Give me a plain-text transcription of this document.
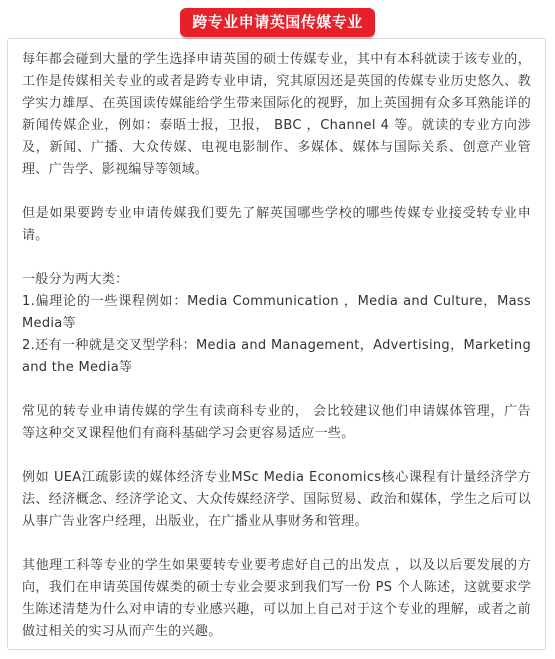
跨专业申请英国传媒专业

每年都会碰到大量的学生选择申请英国的硕士传媒专业，其中有本科就读于该专业的，工作是传媒相关专业的或者是跨专业申请，究其原因还是英国的传媒专业历史悠久、教学实力雄厚、在英国读传媒能给学生带来国际化的视野，加上英国拥有众多耳熟能详的新闻传媒企业，例如：泰晤士报，卫报， BBC ，Channel 4 等。就读的专业方向涉及，新闻、广播、大众传媒、电视电影制作、多媒体、媒体与国际关系、创意产业管理、广告学、影视编导等领域。

但是如果要跨专业申请传媒我们要先了解英国哪些学校的哪些传媒专业接受转专业申请。

一般分为两大类：
1.偏理论的一些课程例如：Media Communication ，Media and Culture，Mass Media等
2.还有一种就是交叉型学科：Media and Management，Advertising，Marketing and the Media等

常见的转专业申请传媒的学生有读商科专业的， 会比较建议他们申请媒体管理，广告等这种交叉课程他们有商科基础学习会更容易适应一些。

例如 UEA江疏影读的媒体经济专业MSc Media Economics核心课程有计量经济学方法、经济概念、经济学论文、大众传媒经济学、国际贸易、政治和媒体，学生之后可以从事广告业客户经理，出版业，在广播业从事财务和管理。

其他理工科等专业的学生如果要转专业要考虑好自己的出发点 ，以及以后要发展的方向，我们在申请英国传媒类的硕士专业会要求到我们写一份 PS 个人陈述，这就要求学生陈述清楚为什么对申请的专业感兴趣，可以加上自己对于这个专业的理解，或者之前做过相关的实习从而产生的兴趣。
